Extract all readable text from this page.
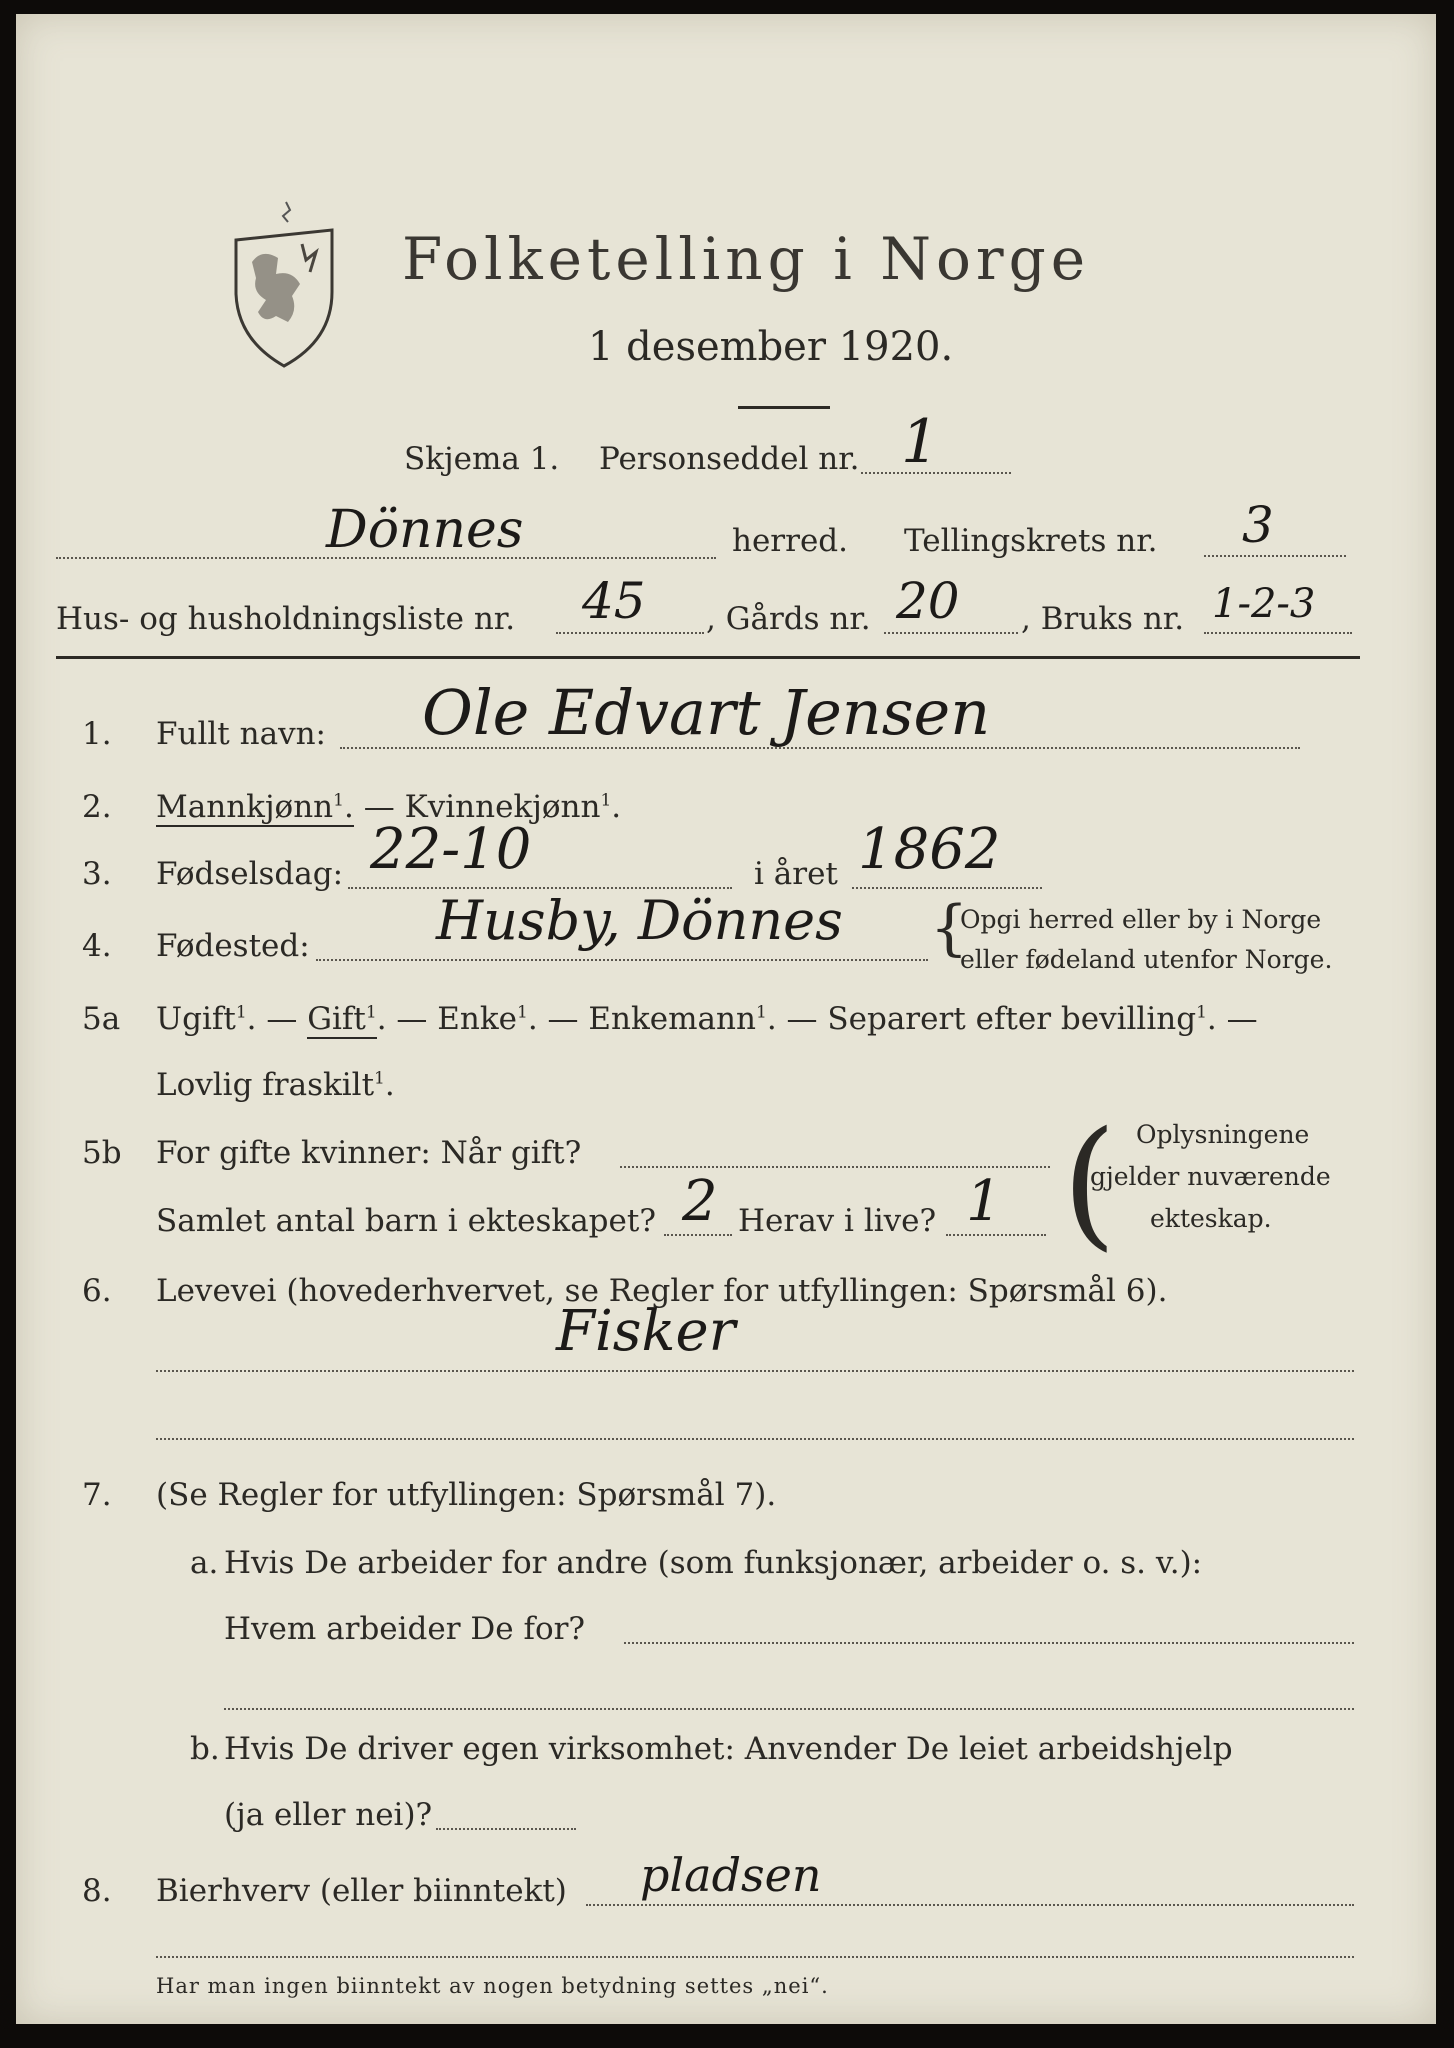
Folketelling i Norge
1 desember 1920.
Skjema 1. Personseddel nr. 1
Dönnes	herred. Tellingskrets nr. 3
Hus- og husholdningsliste nr. 45 , Gårds nr. 20 , Bruks nr. 1-2-3
1. Fullt navn: Ole Edvart Jensen
2. Mannkjønn$^1$. — Kvinnekjønn$^1$.
3. Fødselsdag: 22-10	i året 1862
4. Fødested: Husby, Dönnes {
Opgi herred eller by i Norge
eller fødeland utenfor Norge.
5a Ugift$^1$. — Gift$^1$. — Enke$^1$. — Enkemann$^1$. — Separert efter bevilling$^1$. —
Lovlig fraskilt$^1$.
5b For gifte kvinner: Når gift?
Samlet antal barn i ekteskapet? 2 Herav i live? 1 ( Oplysningene
gjelder nuværende
ekteskap.
6. Levevei (hovederhvervet, se Regler for utfyllingen: Spørsmål 6).
Fisker
7. (Se Regler for utfyllingen: Spørsmål 7).
a. Hvis De arbeider for andre (som funksjonær, arbeider o. s. v.):
Hvem arbeider De for?
b. Hvis De driver egen virksomhet: Anvender De leiet arbeidshjelp
(ja eller nei)?
8. Bierhverv (eller biinntekt) pladsen
Har man ingen biinntekt av nogen betydning settes „nei“.
